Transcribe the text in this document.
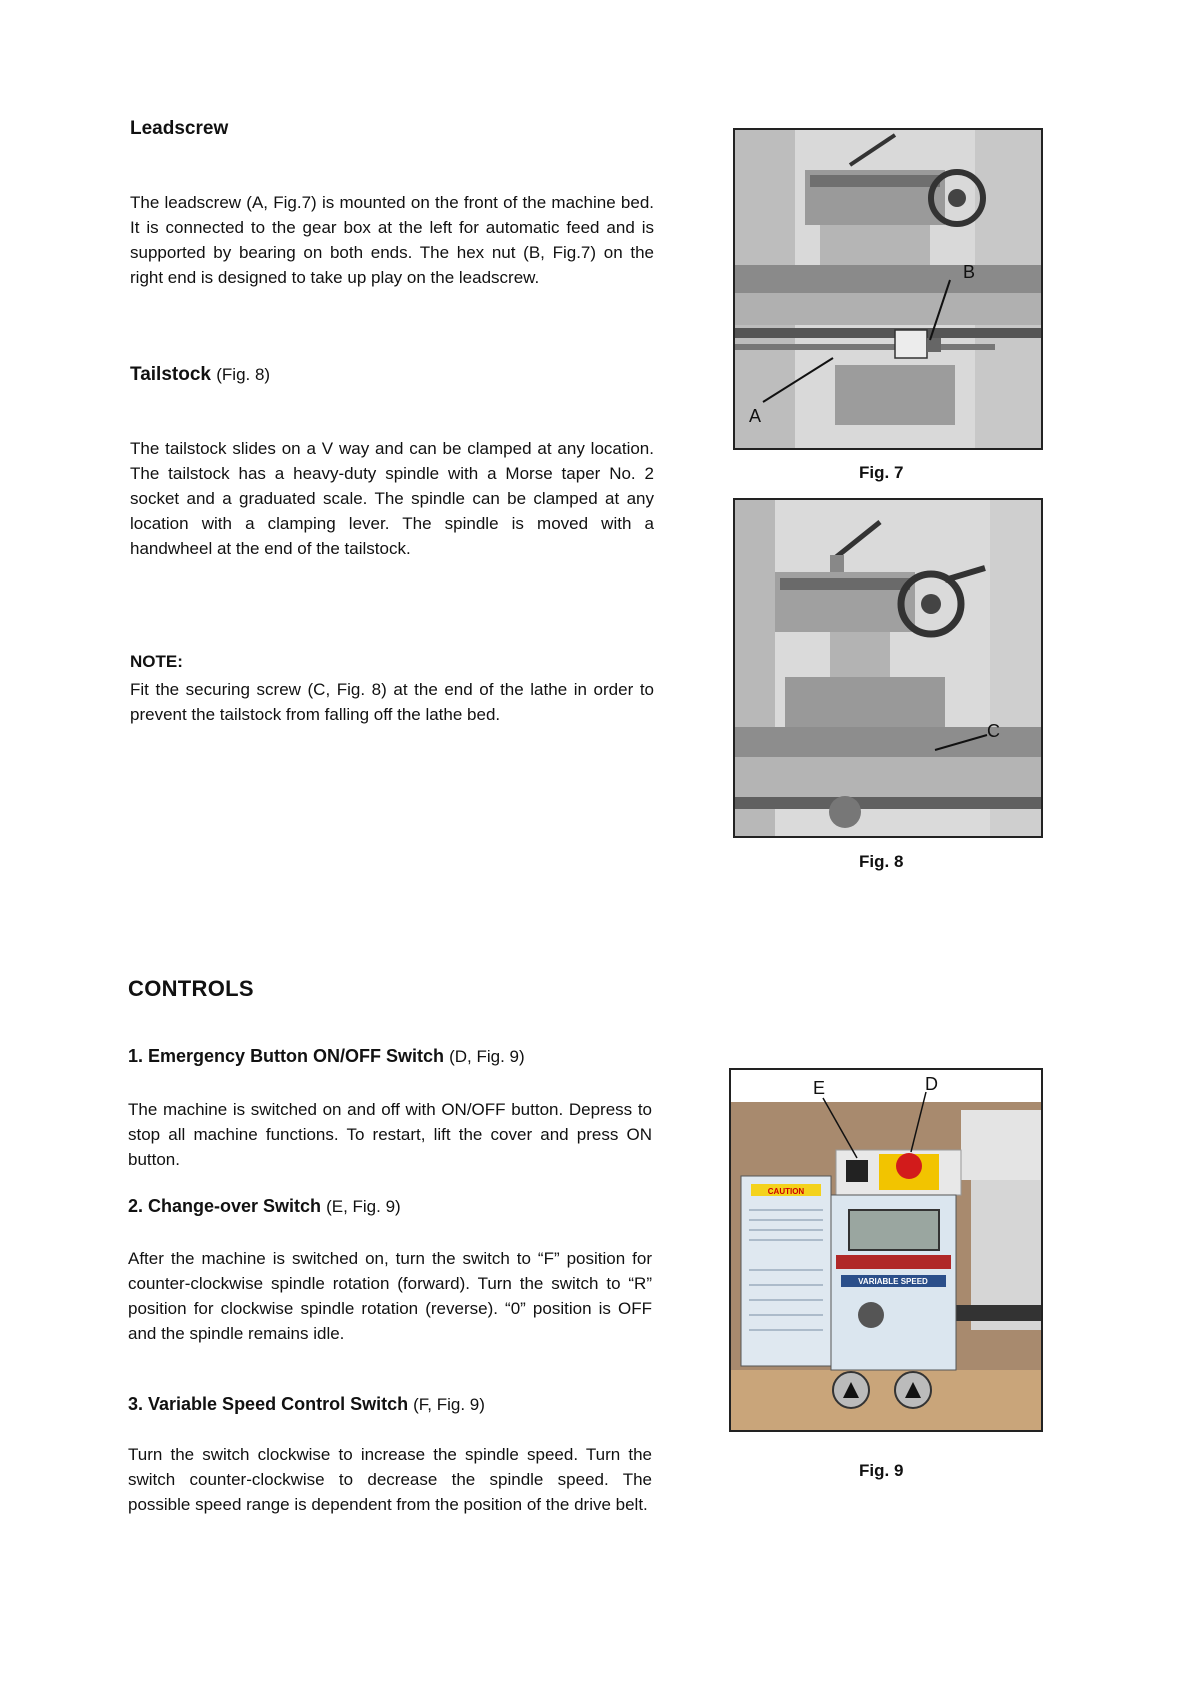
Leadscrew
The leadscrew (A, Fig.7) is mounted on the front of the machine bed. It is connected to the gear box at the left for automatic feed and is supported by bearing on both ends. The hex nut (B, Fig.7) on the right end is designed to take up play on the leadscrew.
Tailstock (Fig. 8)
The tailstock slides on a V way and can be clamped at any location. The tailstock has a heavy-duty spindle with a Morse taper No. 2 socket and a graduated scale. The spindle can be clamped at any location with a clamping lever. The spindle is moved with a handwheel at the end of the tailstock.
NOTE:
Fit the securing screw (C, Fig. 8) at the end of the lathe in order to prevent the tailstock from falling off the lathe bed.
CONTROLS
1. Emergency Button ON/OFF Switch (D, Fig. 9)
The machine is switched on and off with ON/OFF button. Depress to stop all machine functions. To restart, lift the cover and press ON button.
2. Change-over Switch (E, Fig. 9)
After the machine is switched on, turn the switch to “F” position for counter-clockwise spindle rotation (forward). Turn the switch to “R” position for clockwise spindle rotation (reverse). “0” position is OFF and the spindle remains idle.
3. Variable Speed Control Switch (F, Fig. 9)
Turn the switch clockwise to increase the spindle speed. Turn the switch counter-clockwise to decrease the spindle speed. The possible speed range is dependent from the position of the drive belt.
A
B
Fig. 7
C
Fig. 8
CAUTION
VARIABLE SPEED
E	D
Fig. 9
